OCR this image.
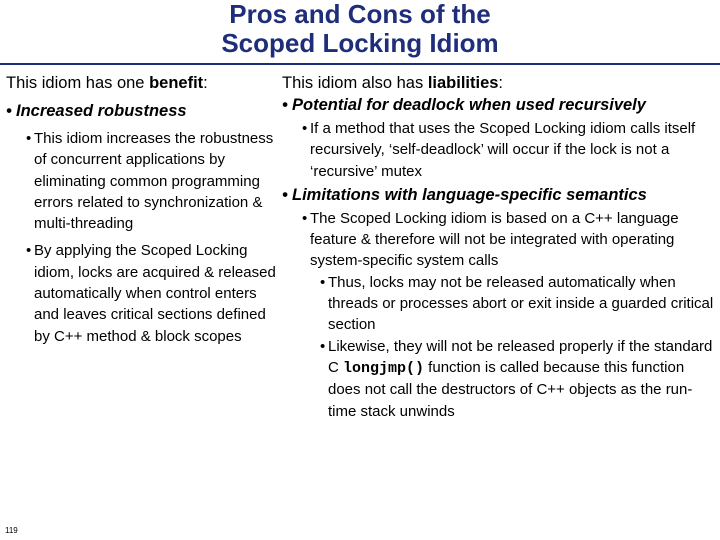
Pros and Cons of the
Scoped Locking Idiom
This idiom has one benefit:
• Increased robustness
• This idiom increases the robustness of concurrent applications by eliminating common programming errors related to synchronization & multi-threading
• By applying the Scoped Locking idiom, locks are acquired & released automatically when control enters and leaves critical sections defined by C++ method & block scopes
This idiom also has liabilities:
• Potential for deadlock when used recursively
• If a method that uses the Scoped Locking idiom calls itself recursively, ‘self-deadlock’ will occur if the lock is not a ‘recursive’ mutex
• Limitations with language-specific semantics
• The Scoped Locking idiom is based on a C++ language feature & therefore will not be integrated with operating system-specific system calls
• Thus, locks may not be released automatically when threads or processes abort or exit inside a guarded critical section
• Likewise, they will not be released properly if the standard C longjmp() function is called because this function does not call the destructors of C++ objects as the run-time stack unwinds
119
